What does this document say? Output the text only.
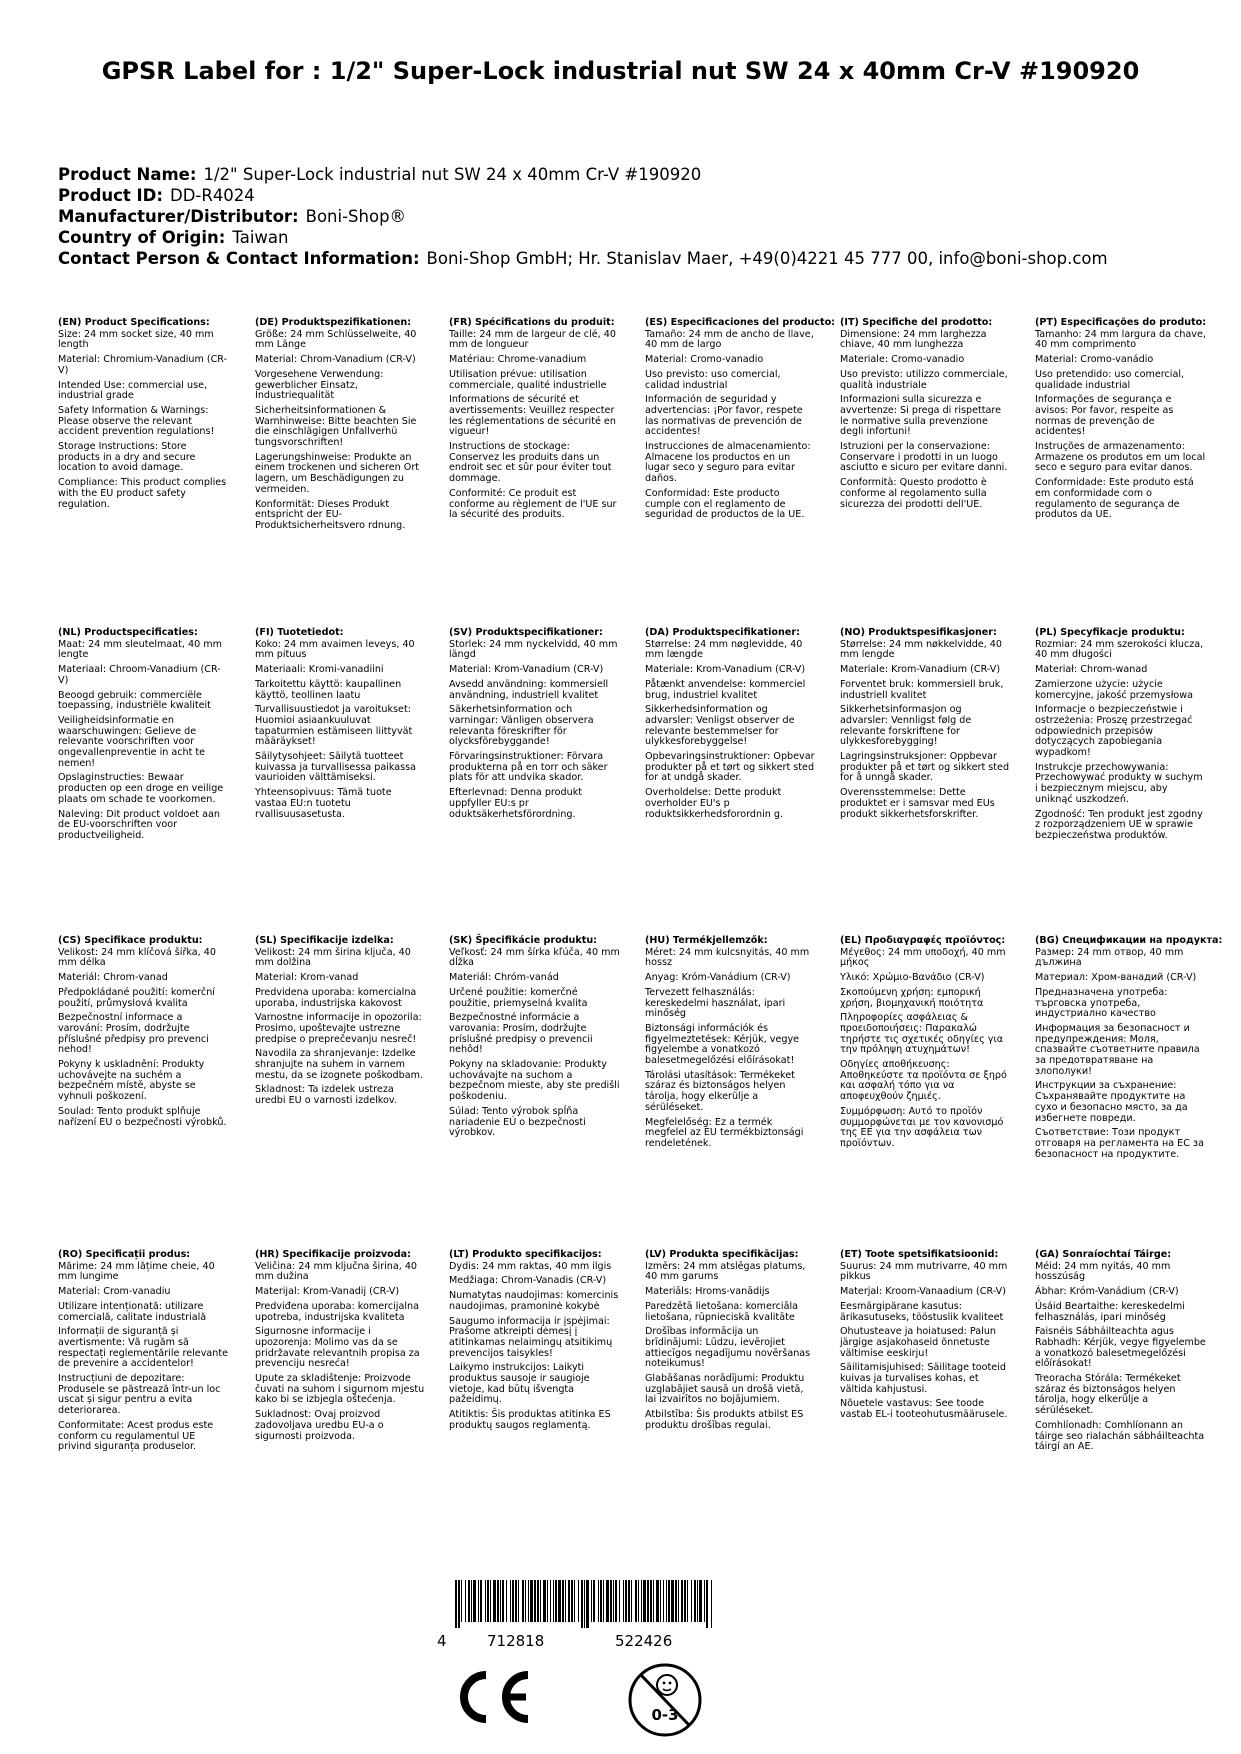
GPSR Label for : 1/2" Super-Lock industrial nut SW 24 x 40mm Cr-V #190920
Product Name: 1/2" Super-Lock industrial nut SW 24 x 40mm Cr-V #190920
Product ID: DD-R4024
Manufacturer/Distributor: Boni-Shop®
Country of Origin: Taiwan
Contact Person & Contact Information: Boni-Shop GmbH; Hr. Stanislav Maer, +49(0)4221 45 777 00, info@boni-shop.com
(EN) Product Specifications:
Size: 24 mm socket size, 40 mm length
Material: Chromium-Vanadium (CR-V)
Intended Use: commercial use, industrial grade
Safety Information & Warnings: Please observe the relevant accident prevention regulations!
Storage Instructions: Store products in a dry and secure location to avoid damage.
Compliance: This product complies with the EU product safety regulation.
(DE) Produktspezifikationen:
Größe: 24 mm Schlüsselweite, 40 mm Länge
Material: Chrom-Vanadium (CR-V)
Vorgesehene Verwendung: gewerblicher Einsatz, Industriequalität
Sicherheitsinformationen & Warnhinweise: Bitte beachten Sie die einschlägigen Unfallverhü tungsvorschriften!
Lagerungshinweise: Produkte an einem trockenen und sicheren Ort lagern, um Beschädigungen zu vermeiden.
Konformität: Dieses Produkt entspricht der EU-Produktsicherheitsvero rdnung.
(FR) Spécifications du produit:
Taille: 24 mm de largeur de clé, 40 mm de longueur
Matériau: Chrome-vanadium
Utilisation prévue: utilisation commerciale, qualité industrielle
Informations de sécurité et avertissements: Veuillez respecter les réglementations de sécurité en vigueur!
Instructions de stockage: Conservez les produits dans un endroit sec et sûr pour éviter tout dommage.
Conformité: Ce produit est conforme au règlement de l'UE sur la sécurité des produits.
(ES) Especificaciones del producto:
Tamaño: 24 mm de ancho de llave, 40 mm de largo
Material: Cromo-vanadio
Uso previsto: uso comercial, calidad industrial
Información de seguridad y advertencias: ¡Por favor, respete las normativas de prevención de accidentes!
Instrucciones de almacenamiento: Almacene los productos en un lugar seco y seguro para evitar daños.
Conformidad: Este producto cumple con el reglamento de seguridad de productos de la UE.
(IT) Specifiche del prodotto:
Dimensione: 24 mm larghezza chiave, 40 mm lunghezza
Materiale: Cromo-vanadio
Uso previsto: utilizzo commerciale, qualità industriale
Informazioni sulla sicurezza e avvertenze: Si prega di rispettare le normative sulla prevenzione degli infortuni!
Istruzioni per la conservazione: Conservare i prodotti in un luogo asciutto e sicuro per evitare danni.
Conformità: Questo prodotto è conforme al regolamento sulla sicurezza dei prodotti dell'UE.
(PT) Especificações do produto:
Tamanho: 24 mm largura da chave, 40 mm comprimento
Material: Cromo-vanádio
Uso pretendido: uso comercial, qualidade industrial
Informações de segurança e avisos: Por favor, respeite as normas de prevenção de acidentes!
Instruções de armazenamento: Armazene os produtos em um local seco e seguro para evitar danos.
Conformidade: Este produto está em conformidade com o regulamento de segurança de produtos da UE.
(NL) Productspecificaties:
Maat: 24 mm sleutelmaat, 40 mm lengte
Materiaal: Chroom-Vanadium (CR-V)
Beoogd gebruik: commerciële toepassing, industriële kwaliteit
Veiligheidsinformatie en waarschuwingen: Gelieve de relevante voorschriften voor ongevallenpreventie in acht te nemen!
Opslaginstructies: Bewaar producten op een droge en veilige plaats om schade te voorkomen.
Naleving: Dit product voldoet aan de EU-voorschriften voor productveiligheid.
(FI) Tuotetiedot:
Koko: 24 mm avaimen leveys, 40 mm pituus
Materiaali: Kromi-vanadiini
Tarkoitettu käyttö: kaupallinen käyttö, teollinen laatu
Turvallisuustiedot ja varoitukset: Huomioi asiaankuuluvat tapaturmien estämiseen liittyvät määräykset!
Säilytysohjeet: Säilytä tuotteet kuivassa ja turvallisessa paikassa vaurioiden välttämiseksi.
Yhteensopivuus: Tämä tuote vastaa EU:n tuotetu rvallisuusasetusta.
(SV) Produktspecifikationer:
Storlek: 24 mm nyckelvidd, 40 mm längd
Material: Krom-Vanadium (CR-V)
Avsedd användning: kommersiell användning, industriell kvalitet
Säkerhetsinformation och varningar: Vänligen observera relevanta föreskrifter för olycksförebyggande!
Förvaringsinstruktioner: Förvara produkterna på en torr och säker plats för att undvika skador.
Efterlevnad: Denna produkt uppfyller EU:s pr oduktsäkerhetsförordning.
(DA) Produktspecifikationer:
Størrelse: 24 mm nøglevidde, 40 mm længde
Materiale: Krom-Vanadium (CR-V)
Påtænkt anvendelse: kommerciel brug, industriel kvalitet
Sikkerhedsinformation og advarsler: Venligst observer de relevante bestemmelser for ulykkesforebyggelse!
Opbevaringsinstruktioner: Opbevar produkter på et tørt og sikkert sted for at undgå skader.
Overholdelse: Dette produkt overholder EU's p roduktsikkerhedsforordnin g.
(NO) Produktspesifikasjoner:
Størrelse: 24 mm nøkkelvidde, 40 mm lengde
Materiale: Krom-Vanadium (CR-V)
Forventet bruk: kommersiell bruk, industriell kvalitet
Sikkerhetsinformasjon og advarsler: Vennligst følg de relevante forskriftene for ulykkesforebygging!
Lagringsinstruksjoner: Oppbevar produkter på et tørt og sikkert sted for å unngå skader.
Overensstemmelse: Dette produktet er i samsvar med EUs produkt sikkerhetsforskrifter.
(PL) Specyfikacje produktu:
Rozmiar: 24 mm szerokości klucza, 40 mm długości
Materiał: Chrom-wanad
Zamierzone użycie: użycie komercyjne, jakość przemysłowa
Informacje o bezpieczeństwie i ostrzeżenia: Proszę przestrzegać odpowiednich przepisów dotyczących zapobiegania wypadkom!
Instrukcje przechowywania: Przechowywać produkty w suchym i bezpiecznym miejscu, aby uniknąć uszkodzeń.
Zgodność: Ten produkt jest zgodny z rozporządzeniem UE w sprawie bezpieczeństwa produktów.
(CS) Specifikace produktu:
Velikost: 24 mm klíčová šířka, 40 mm délka
Materiál: Chrom-vanad
Předpokládané použití: komerční použití, průmyslová kvalita
Bezpečnostní informace a varování: Prosím, dodržujte příslušné předpisy pro prevenci nehod!
Pokyny k uskladnění: Produkty uchovávejte na suchém a bezpečném místě, abyste se vyhnuli poškození.
Soulad: Tento produkt splňuje nařízení EU o bezpečnosti výrobků.
(SL) Specifikacije izdelka:
Velikost: 24 mm širina ključa, 40 mm dolžina
Material: Krom-vanad
Predvidena uporaba: komercialna uporaba, industrijska kakovost
Varnostne informacije in opozorila: Prosimo, upoštevajte ustrezne predpise o preprečevanju nesreč!
Navodila za shranjevanje: Izdelke shranjujte na suhem in varnem mestu, da se izognete poškodbam.
Skladnost: Ta izdelek ustreza uredbi EU o varnosti izdelkov.
(SK) Špecifikácie produktu:
Veľkosť: 24 mm šírka kľúča, 40 mm dĺžka
Materiál: Chróm-vanád
Určené použitie: komerčné použitie, priemyselná kvalita
Bezpečnostné informácie a varovania: Prosím, dodržujte príslušné predpisy o prevencii nehôd!
Pokyny na skladovanie: Produkty uchovávajte na suchom a bezpečnom mieste, aby ste predišli poškodeniu.
Súlad: Tento výrobok spĺňa nariadenie EÚ o bezpečnosti výrobkov.
(HU) Termékjellemzők:
Méret: 24 mm kulcsnyitás, 40 mm hossz
Anyag: Króm-Vanádium (CR-V)
Tervezett felhasználás: kereskedelmi használat, ipari minőség
Biztonsági információk és figyelmeztetések: Kérjük, vegye figyelembe a vonatkozó balesetmegelőzési előírásokat!
Tárolási utasítások: Termékeket száraz és biztonságos helyen tárolja, hogy elkerülje a sérüléseket.
Megfelelőség: Ez a termék megfelel az EU termékbiztonsági rendeletének.
(EL) Προδιαγραφές προϊόντος:
Μέγεθος: 24 mm υποδοχή, 40 mm μήκος
Υλικό: Χρώμιο-Βανάδιο (CR-V)
Σκοπούμενη χρήση: εμπορική χρήση, βιομηχανική ποιότητα
Πληροφορίες ασφάλειας & προειδοποιήσεις: Παρακαλώ τηρήστε τις σχετικές οδηγίες για την πρόληψη ατυχημάτων!
Οδηγίες αποθήκευσης: Αποθηκεύστε τα προϊόντα σε ξηρό και ασφαλή τόπο για να αποφευχθούν ζημιές.
Συμμόρφωση: Αυτό το προϊόν συμμορφώνεται με τον κανονισμό της ΕΕ για την ασφάλεια των προϊόντων.
(BG) Спецификации на продукта:
Размер: 24 mm отвор, 40 mm дължина
Материал: Хром-ванадий (CR-V)
Предназначена употреба: търговска употреба, индустриално качество
Информация за безопасност и предупреждения: Моля, спазвайте съответните правила за предотвратяване на злополуки!
Инструкции за съхранение: Съхранявайте продуктите на сухо и безопасно място, за да избегнете повреди.
Съответствие: Този продукт отговаря на регламента на ЕС за безопасност на продуктите.
(RO) Specificații produs:
Mărime: 24 mm lățime cheie, 40 mm lungime
Material: Crom-vanadiu
Utilizare intenționată: utilizare comercială, calitate industrială
Informații de siguranță și avertismente: Vă rugăm să respectați reglementările relevante de prevenire a accidentelor!
Instrucțiuni de depozitare: Produsele se păstrează într-un loc uscat și sigur pentru a evita deteriorarea.
Conformitate: Acest produs este conform cu regulamentul UE privind siguranța produselor.
(HR) Specifikacije proizvoda:
Veličina: 24 mm ključna širina, 40 mm dužina
Materijal: Krom-Vanadij (CR-V)
Predviđena uporaba: komercijalna upotreba, industrijska kvaliteta
Sigurnosne informacije i upozorenja: Molimo vas da se pridržavate relevantnih propisa za prevenciju nesreća!
Upute za skladištenje: Proizvode čuvati na suhom i sigurnom mjestu kako bi se izbjegla oštećenja.
Sukladnost: Ovaj proizvod zadovoljava uredbu EU-a o sigurnosti proizvoda.
(LT) Produkto specifikacijos:
Dydis: 24 mm raktas, 40 mm ilgis
Medžiaga: Chrom-Vanadis (CR-V)
Numatytas naudojimas: komercinis naudojimas, pramoninė kokybė
Saugumo informacija ir įspėjimai: Prašome atkreipti dėmesį į atitinkamas nelaimingų atsitikimų prevencijos taisykles!
Laikymo instrukcijos: Laikyti produktus sausoje ir saugioje vietoje, kad būtų išvengta pažeidimų.
Atitiktis: Šis produktas atitinka ES produktų saugos reglamentą.
(LV) Produkta specifikācijas:
Izmērs: 24 mm atslēgas platums, 40 mm garums
Materiāls: Hroms-vanādijs
Paredzētā lietošana: komerciāla lietošana, rūpnieciskā kvalitāte
Drošības informācija un brīdinājumi: Lūdzu, ievērojiet attiecīgos negadījumu novēršanas noteikumus!
Glabāšanas norādījumi: Produktu uzglabājiet sausā un drošā vietā, lai izvairītos no bojājumiem.
Atbilstība: Šis produkts atbilst ES produktu drošības regulai.
(ET) Toote spetsifikatsioonid:
Suurus: 24 mm mutrivarre, 40 mm pikkus
Materjal: Kroom-Vanaadium (CR-V)
Eesmärgipärane kasutus: ärikasutuseks, tööstuslik kvaliteet
Ohutusteave ja hoiatused: Palun järgige asjakohaseid õnnetuste vältimise eeskirju!
Säilitamisjuhised: Säilitage tooteid kuivas ja turvalises kohas, et vältida kahjustusi.
Nõuetele vastavus: See toode vastab EL-i tooteohutusmäärusele.
(GA) Sonraíochtaí Táirge:
Méid: 24 mm nyitás, 40 mm hosszúság
Ábhar: Króm-Vanádium (CR-V)
Úsáid Beartaithe: kereskedelmi felhasználás, ipari minőség
Faisnéis Sábháilteachta agus Rabhadh: Kérjük, vegye figyelembe a vonatkozó balesetmegelőzési előírásokat!
Treoracha Stórála: Termékeket száraz és biztonságos helyen tárolja, hogy elkerülje a sérüléseket.
Comhlíonadh: Comhlíonann an táirge seo rialachán sábháilteachta táirgí an AE.
4	712818	522426
0-3
